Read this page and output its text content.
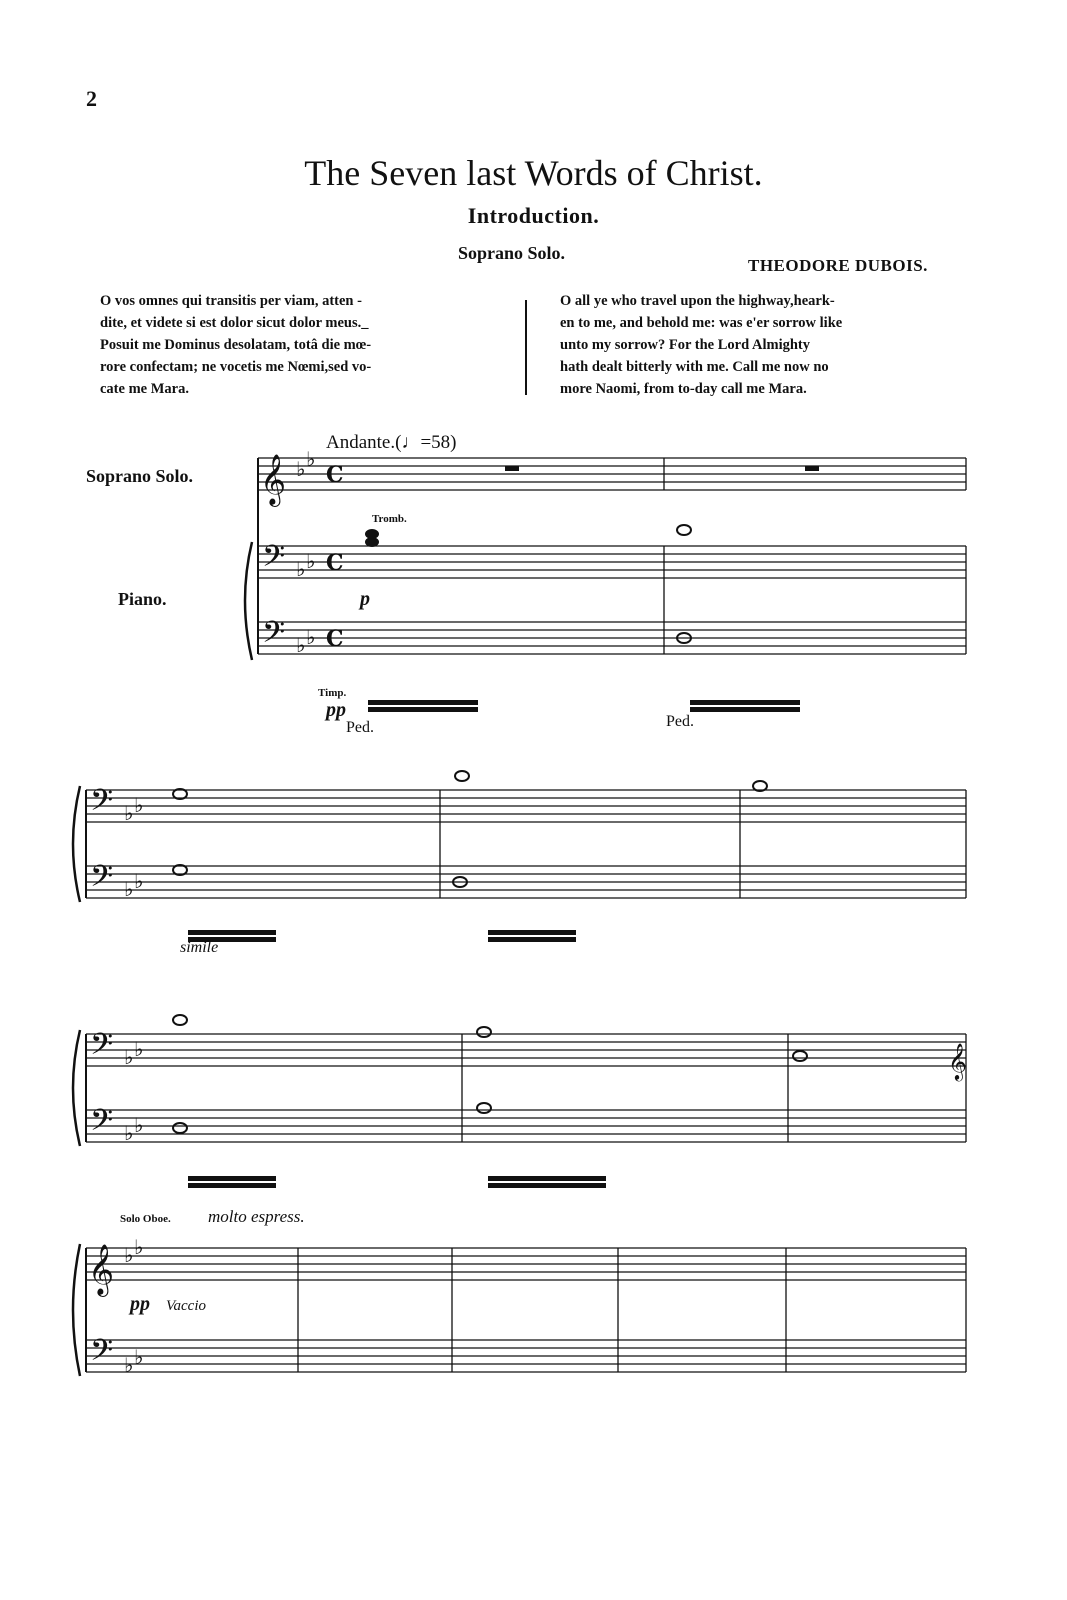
2
The Seven last Words of Christ.
Introduction.
Soprano Solo.
THEODORE DUBOIS.
O vos omnes qui transitis per viam, atten -
dite, et videte si est dolor sicut dolor meus._
Posuit me Dominus desolatam, totâ die mœ-
rore confectam; ne vocetis me Nœmi,sed vo-
cate me Mara.
O all ye who travel upon the highway,heark-
en to me, and behold me: was e'er sorrow like
unto my sorrow? For the Lord Almighty
hath dealt bitterly with me. Call me now no
more Naomi, from to-day call me Mara.
𝄞
𝄢
𝄢
𝄢
𝄢
𝄢
𝄢
𝄞
𝄢
𝄞
♭ ♭
♭ ♭
♭ ♭
♭ ♭
♭ ♭
♭ ♭
♭ ♭
♭ ♭
♭ ♭
C
C
C
Soprano Solo.
Piano.
Andante.(♩=58)
Tromb.
Timp.
Solo Oboe.
p
pp
pp
simile
molto espress.
Vaccio
Ped.	Ped.
